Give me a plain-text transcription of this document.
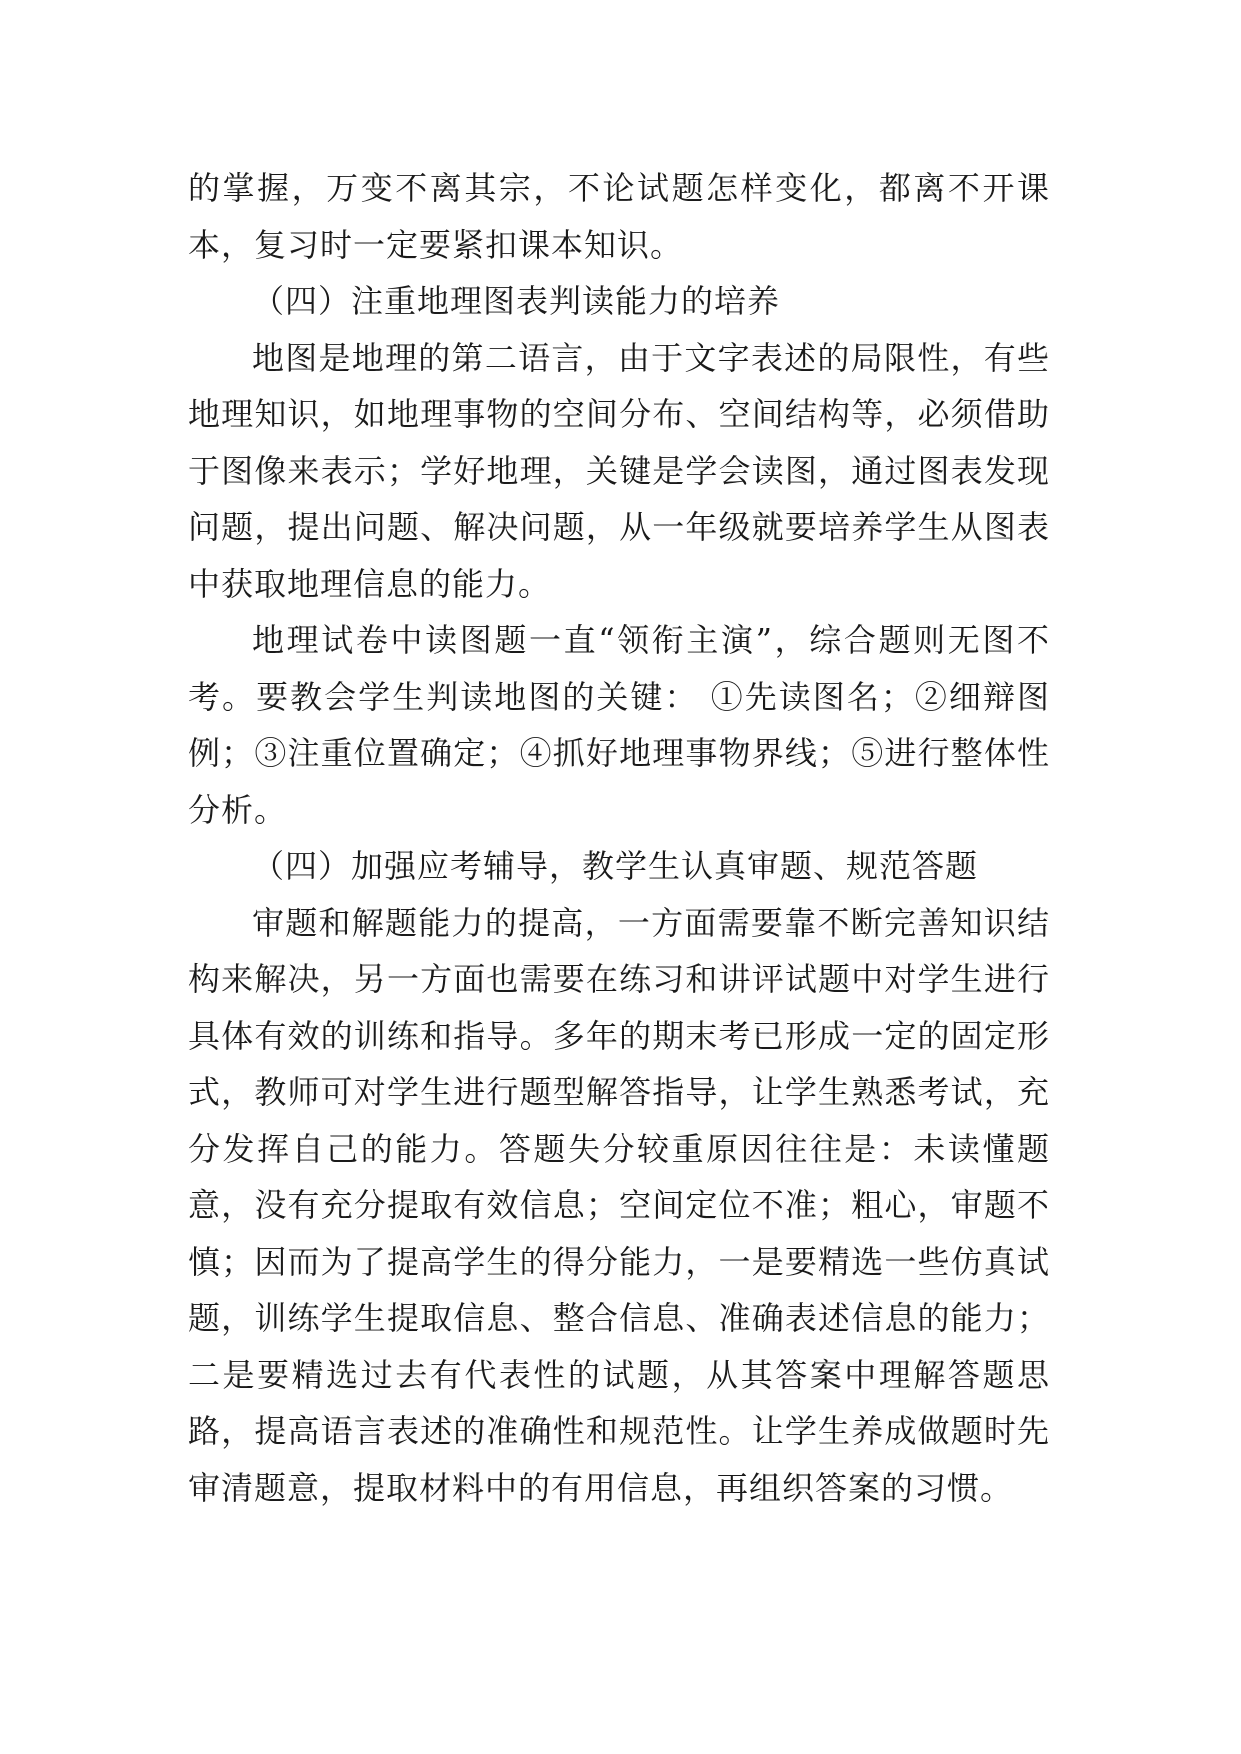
的掌握，万变不离其宗，不论试题怎样变化，都离不开课本，复习时一定要紧扣课本知识。

（四）注重地理图表判读能力的培养

地图是地理的第二语言，由于文字表述的局限性，有些地理知识，如地理事物的空间分布、空间结构等，必须借助于图像来表示；学好地理，关键是学会读图，通过图表发现问题，提出问题、解决问题，从一年级就要培养学生从图表中获取地理信息的能力。

地理试卷中读图题一直“领衔主演”，综合题则无图不考。要教会学生判读地图的关键： ①先读图名；②细辩图例；③注重位置确定；④抓好地理事物界线；⑤进行整体性分析。

（四）加强应考辅导，教学生认真审题、规范答题

审题和解题能力的提高，一方面需要靠不断完善知识结构来解决，另一方面也需要在练习和讲评试题中对学生进行具体有效的训练和指导。多年的期末考已形成一定的固定形式，教师可对学生进行题型解答指导，让学生熟悉考试，充分发挥自己的能力。答题失分较重原因往往是：未读懂题意，没有充分提取有效信息；空间定位不准；粗心，审题不慎；因而为了提高学生的得分能力，一是要精选一些仿真试题，训练学生提取信息、整合信息、准确表述信息的能力；二是要精选过去有代表性的试题，从其答案中理解答题思路，提高语言表述的准确性和规范性。让学生养成做题时先审清题意，提取材料中的有用信息，再组织答案的习惯。
